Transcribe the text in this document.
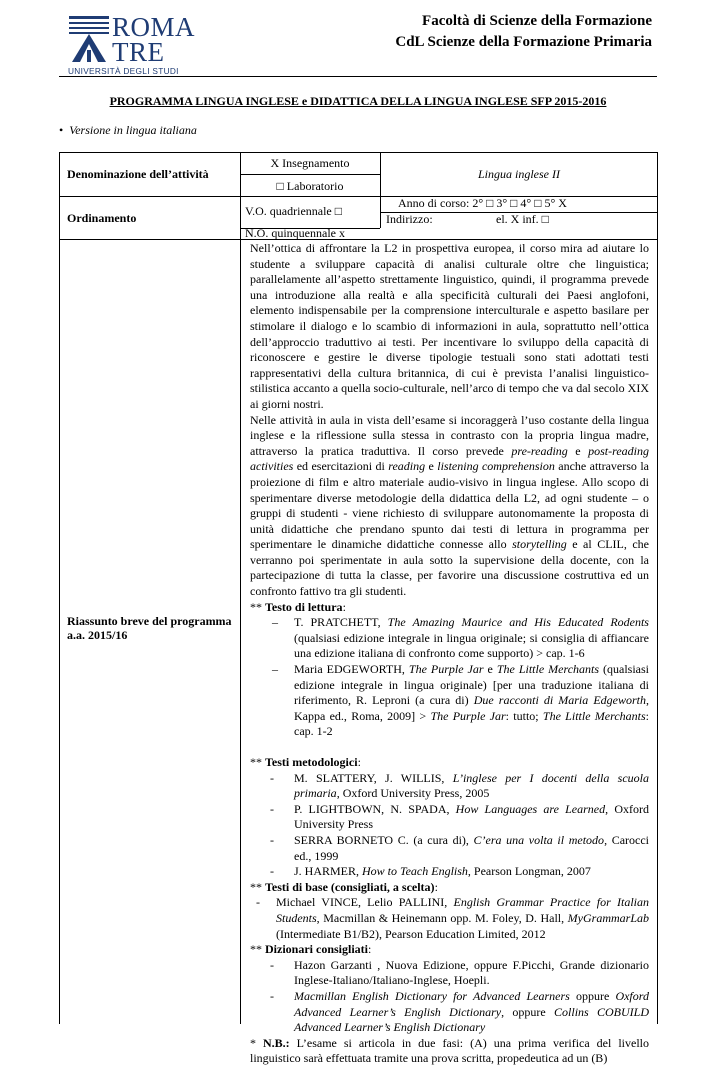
ROMA
TRE
UNIVERSITÀ DEGLI STUDI
Facoltà di Scienze della Formazione
CdL Scienze della Formazione Primaria
PROGRAMMA LINGUA INGLESE e DIDATTICA DELLA LINGUA INGLESE SFP 2015-2016
• Versione in lingua italiana
Denominazione dell’attività
X Insegnamento
□ Laboratorio
Lingua inglese II
Ordinamento	V.O. quadriennale □
N.O. quinquennale x
Anno di corso: 2° □ 3° □ 4° □ 5° X
Indirizzo:	el. X inf. □
Riassunto breve del programma a.a. 2015/16

Nell’ottica di affrontare la L2 in prospettiva europea, il corso mira ad aiutare lo studente a sviluppare capacità di analisi culturale oltre che linguistica; parallelamente all’aspetto strettamente linguistico, quindi, il programma prevede una introduzione alla realtà e alla specificità culturali dei Paesi anglofoni, elemento indispensabile per la comprensione interculturale e aspetto basilare per stimolare il dialogo e lo scambio di informazioni in aula, soprattutto nell’ottica dell’approccio traduttivo ai testi. Per incentivare lo sviluppo della capacità di riconoscere e gestire le diverse tipologie testuali sono stati adottati testi rappresentativi della cultura britannica, di cui è prevista l’analisi linguistico-stilistica accanto a quella socio-culturale, nell’arco di tempo che va dal secolo XIX ai giorni nostri.

Nelle attività in aula in vista dell’esame si incoraggerà l’uso costante della lingua inglese e la riflessione sulla stessa in contrasto con la propria lingua madre, attraverso la pratica traduttiva. Il corso prevede pre-reading e post-reading activities ed esercitazioni di reading e listening comprehension anche attraverso la proiezione di film e altro materiale audio-visivo in lingua inglese. Allo scopo di sperimentare diverse metodologie della didattica della L2, ad ogni studente – o gruppi di studenti - viene richiesto di sviluppare autonomamente la proposta di unità didattiche che prendano spunto dai testi di lettura in programma per sperimentare le dinamiche didattiche connesse allo storytelling e al CLIL, che verranno poi sperimentate in aula sotto la supervisione della docente, con la partecipazione di tutta la classe, per favorire una discussione costruttiva ed un confronto fattivo tra gli studenti.

** Testo di lettura:

– T. PRATCHETT, The Amazing Maurice and His Educated Rodents (qualsiasi edizione integrale in lingua originale; si consiglia di affiancare una edizione italiana di confronto come supporto) > cap. 1-6
– Maria EDGEWORTH, The Purple Jar e The Little Merchants (qualsiasi edizione integrale in lingua originale) [per una traduzione italiana di riferimento, R. Leproni (a cura di) Due racconti di Maria Edgeworth, Kappa ed., Roma, 2009] > The Purple Jar: tutto; The Little Merchants: cap. 1-2

** Testi metodologici:

- M. SLATTERY, J. WILLIS, L’inglese per I docenti della scuola primaria, Oxford University Press, 2005
- P. LIGHTBOWN, N. SPADA, How Languages are Learned, Oxford University Press
- SERRA BORNETO C. (a cura di), C’era una volta il metodo, Carocci ed., 1999
- J. HARMER, How to Teach English, Pearson Longman, 2007

** Testi di base (consigliati, a scelta):

- Michael VINCE, Lelio PALLINI, English Grammar Practice for Italian Students, Macmillan & Heinemann opp. M. Foley, D. Hall, MyGrammarLab (Intermediate B1/B2), Pearson Education Limited, 2012

** Dizionari consigliati:

- Hazon Garzanti , Nuova Edizione, oppure F.Picchi, Grande dizionario Inglese-Italiano/Italiano-Inglese, Hoepli.
- Macmillan English Dictionary for Advanced Learners oppure Oxford Advanced Learner’s English Dictionary, oppure Collins COBUILD Advanced Learner’s English Dictionary

* N.B.: L’esame si articola in due fasi: (A) una prima verifica del livello linguistico sarà effettuata tramite una prova scritta, propedeutica ad un (B)
